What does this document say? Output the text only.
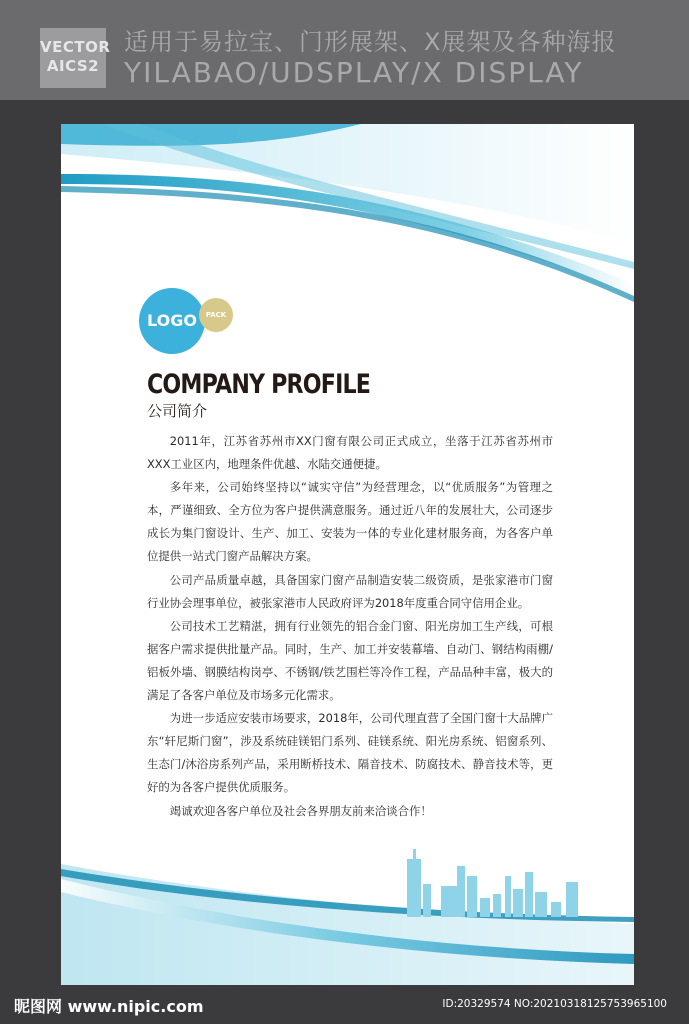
VECTOR
AICS2
适用于易拉宝、门形展架、X展架及各种海报
YILABAO/UDSPLAY/X DISPLAY
LOGO	PACK
COMPANY PROFILE
公司简介

2011年，江苏省苏州市XX门窗有限公司正式成立，坐落于江苏省苏州市XXX工业区内，地理条件优越、水陆交通便捷。

多年来，公司始终坚持以“诚实守信”为经营理念，以“优质服务”为管理之本，严谨细致、全方位为客户提供满意服务。通过近八年的发展壮大，公司逐步成长为集门窗设计、生产、加工、安装为一体的专业化建材服务商，为各客户单位提供一站式门窗产品解决方案。

公司产品质量卓越，具备国家门窗产品制造安装二级资质，是张家港市门窗行业协会理事单位，被张家港市人民政府评为2018年度重合同守信用企业。

公司技术工艺精湛，拥有行业领先的铝合金门窗、阳光房加工生产线，可根据客户需求提供批量产品。同时，生产、加工并安装幕墙、自动门、钢结构雨棚/铝板外墙、钢膜结构岗亭、不锈钢/铁艺围栏等冷作工程，产品品种丰富，极大的满足了各客户单位及市场多元化需求。

为进一步适应安装市场要求，2018年，公司代理直营了全国门窗十大品牌广东“轩尼斯门窗”，涉及系统硅镁铝门系列、硅镁系统、阳光房系统、铝窗系列、生态门/沐浴房系列产品，采用断桥技术、隔音技术、防腐技术、静音技术等，更好的为各客户提供优质服务。

竭诚欢迎各客户单位及社会各界朋友前来洽谈合作！

昵图网 www.nipic.com	ID:20329574 NO:20210318125753965100
